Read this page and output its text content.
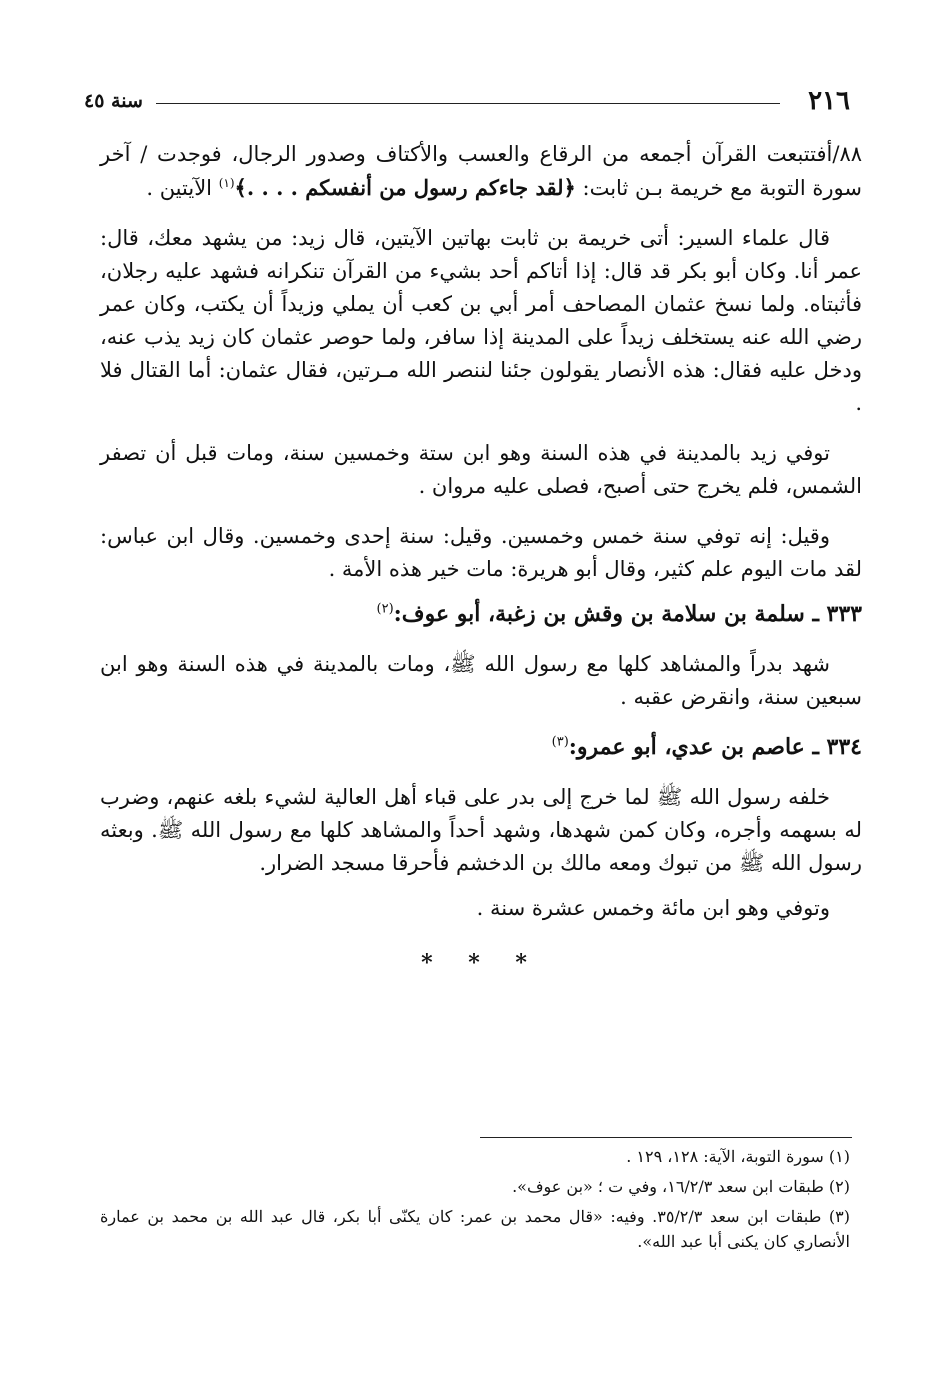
٢١٦
سنة ٤٥

٨٨/أفتتبعت القرآن أجمعه من الرقاع والعسب والأكتاف وصدور الرجال، فوجدت / آخر سورة التوبة مع خريمة بـن ثابت: ﴿لقد جاءكم رسول من أنفسكم . . . .﴾$^{(١)}$ الآيتين .

قال علماء السير: أتى خريمة بن ثابت بهاتين الآيتين، قال زيد: من يشهد معك، قال: عمر أنا. وكان أبو بكر قد قال: إذا أتاكم أحد بشيء من القرآن تنكرانه فشهد عليه رجلان، فأثبتاه. ولما نسخ عثمان المصاحف أمر أبي بن كعب أن يملي وزيداً أن يكتب، وكان عمر رضي الله عنه يستخلف زيداً على المدينة إذا سافر، ولما حوصر عثمان كان زيد يذب عنه، ودخل عليه فقال: هذه الأنصار يقولون جئنا لننصر الله مـرتين، فقال عثمان: أما القتال فلا .

توفي زيد بالمدينة في هذه السنة وهو ابن ستة وخمسين سنة، ومات قبل أن تصفر الشمس، فلم يخرج حتى أصبح، فصلى عليه مروان .

وقيل: إنه توفي سنة خمس وخمسين. وقيل: سنة إحدى وخمسين. وقال ابن عباس: لقد مات اليوم علم كثير، وقال أبو هريرة: مات خير هذه الأمة .

٣٣٣ ـ سلمة بن سلامة بن وقش بن زغبة، أبو عوف:$^{(٢)}$

شهد بدراً والمشاهد كلها مع رسول الله ﷺ، ومات بالمدينة في هذه السنة وهو ابن سبعين سنة، وانقرض عقبه .

٣٣٤ ـ عاصم بن عدي، أبو عمرو:$^{(٣)}$

خلفه رسول الله ﷺ لما خرج إلى بدر على قباء أهل العالية لشيء بلغه عنهم، وضرب له بسهمه وأجره، وكان كمن شهدها، وشهد أحداً والمشاهد كلها مع رسول الله ﷺ. وبعثه رسول الله ﷺ من تبوك ومعه مالك بن الدخشم فأحرقا مسجد الضرار.

وتوفي وهو ابن مائة وخمس عشرة سنة .

* * *

(١) سورة التوبة، الآية: ١٢٨، ١٢٩ .

(٢) طبقات ابن سعد ١٦/٢/٣، وفي ت ؛ «بن عوف».

(٣) طبقات ابن سعد ٣٥/٢/٣. وفيه: «قال محمد بن عمر: كان يكنّى أبا بكر، قال عبد الله بن محمد بن عمارة الأنصاري كان يكنى أبا عبد الله».
